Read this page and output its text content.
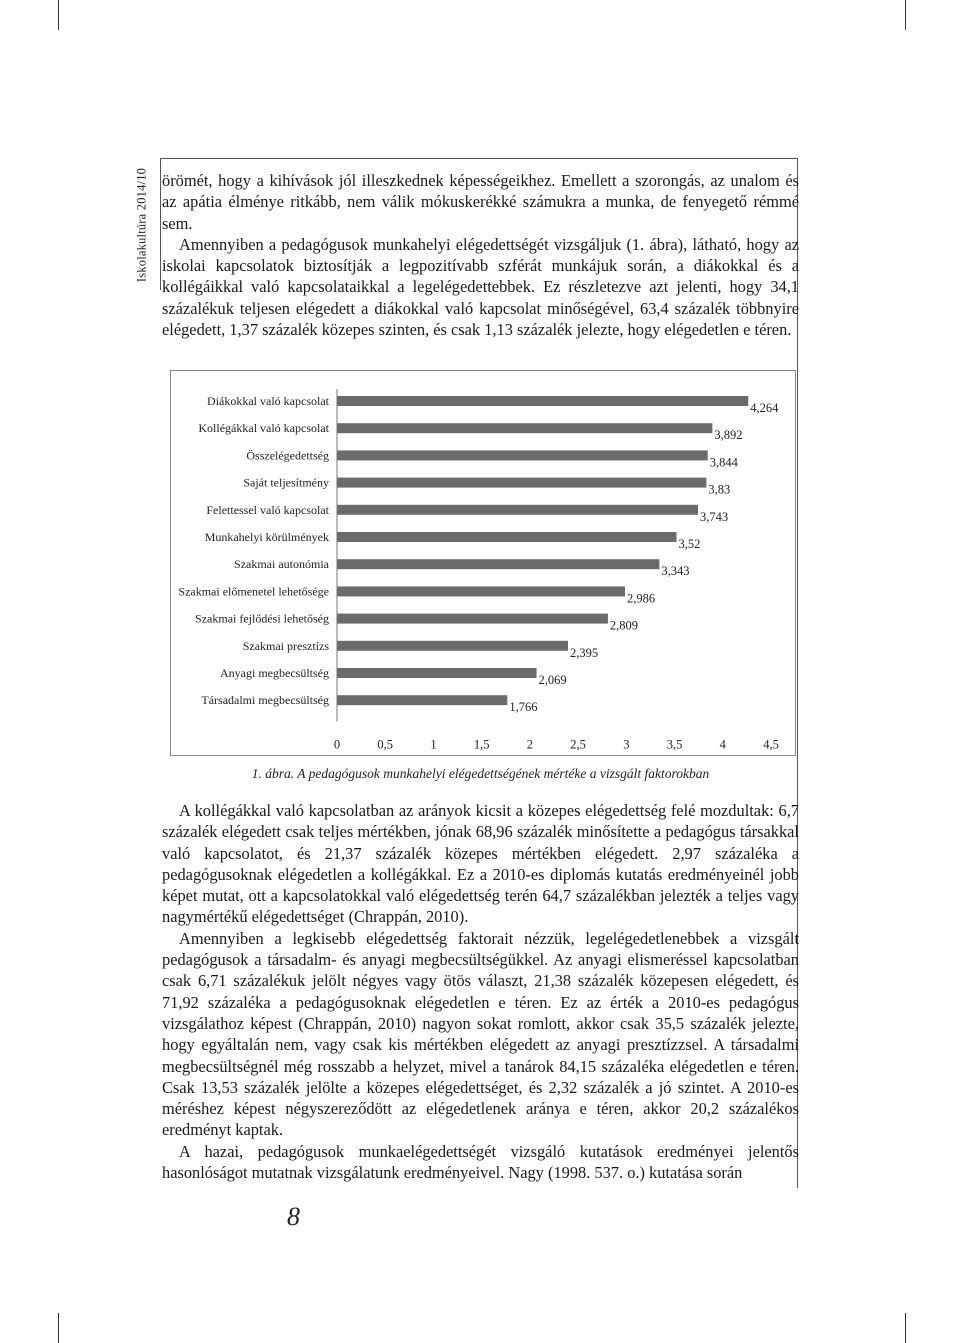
Iskolakultúra 2014/10 örömét, hogy a kihívások jól illeszkednek képességeikhez. Emellett a szorongás, az unalom és az apátia élménye ritkább, nem válik mókuskerékké számukra a munka, de fenyegető rémmé sem.

Amennyiben a pedagógusok munkahelyi elégedettségét vizsgáljuk (1. ábra), látható, hogy az iskolai kapcsolatok biztosítják a legpozitívabb szférát munkájuk során, a diákokkal és a kollégáikkal való kapcsolataikkal a legelégedettebbek. Ez részletezve azt jelenti, hogy 34,1 százalékuk teljesen elégedett a diákokkal való kapcsolat minőségével, 63,4 százalék többnyire elégedett, 1,37 százalék közepes szinten, és csak 1,13 százalék jelezte, hogy elégedetlen e téren.

Diákokkal való kapcsolat	4,264
Kollégákkal való kapcsolat	3,892
Összelégedettség	3,844
Saját teljesítmény	3,83
Felettessel való kapcsolat	3,743
Munkahelyi körülmények	3,52
Szakmai autonómia	3,343
Szakmai előmenetel lehetősége	2,986
Szakmai fejlődési lehetőség	2,809
Szakmai presztízs	2,395
Anyagi megbecsültség	2,069
Társadalmi megbecsültség	1,766
0	0,5	1	1,5	2	2,5	3	3,5	4	4,5
1. ábra. A pedagógusok munkahelyi elégedettségének mértéke a vizsgált faktorokban

A kollégákkal való kapcsolatban az arányok kicsit a közepes elégedettség felé mozdultak: 6,7 százalék elégedett csak teljes mértékben, jónak 68,96 százalék minősítette a pedagógus társakkal való kapcsolatot, és 21,37 százalék közepes mértékben elégedett. 2,97 százaléka a pedagógusoknak elégedetlen a kollégákkal. Ez a 2010-es diplomás kutatás eredményeinél jobb képet mutat, ott a kapcsolatokkal való elégedettség terén 64,7 százalékban jelezték a teljes vagy nagymértékű elégedettséget (Chrappán, 2010).

Amennyiben a legkisebb elégedettség faktorait nézzük, legelégedetlenebbek a vizsgált pedagógusok a társadalm- és anyagi megbecsültségükkel. Az anyagi elismeréssel kapcsolatban csak 6,71 százalékuk jelölt négyes vagy ötös választ, 21,38 százalék közepesen elégedett, és 71,92 százaléka a pedagógusoknak elégedetlen e téren. Ez az érték a 2010-es pedagógus vizsgálathoz képest (Chrappán, 2010) nagyon sokat romlott, akkor csak 35,5 százalék jelezte, hogy egyáltalán nem, vagy csak kis mértékben elégedett az anyagi presztízzsel. A társadalmi megbecsültségnél még rosszabb a helyzet, mivel a tanárok 84,15 százaléka elégedetlen e téren. Csak 13,53 százalék jelölte a közepes elégedettséget, és 2,32 százalék a jó szintet. A 2010-es méréshez képest négyszereződött az elégedetlenek aránya e téren, akkor 20,2 százalékos eredményt kaptak.

A hazai, pedagógusok munkaelégedettségét vizsgáló kutatások eredményei jelentős hasonlóságot mutatnak vizsgálatunk eredményeivel. Nagy (1998. 537. o.) kutatása során

8
